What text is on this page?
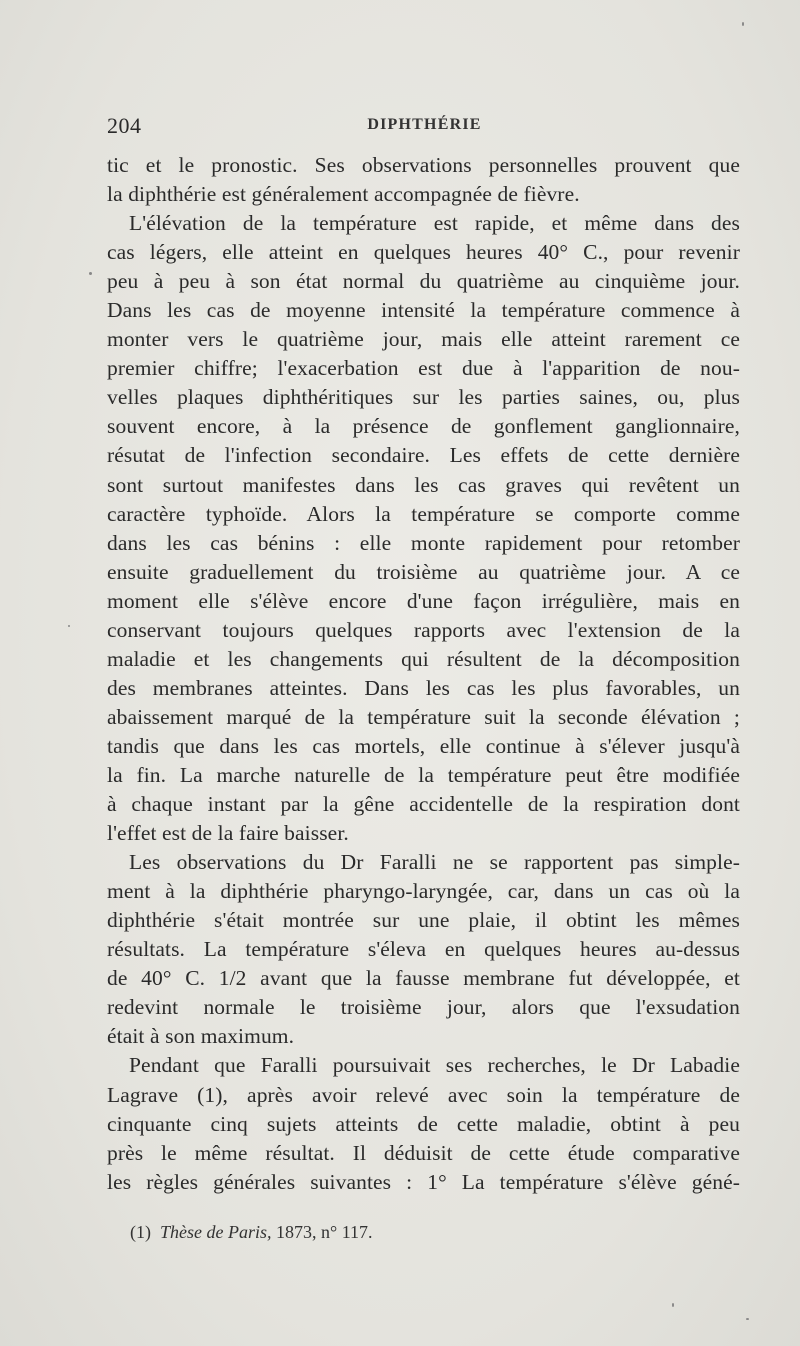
204	DIPHTHÉRIE
tic et le pronostic. Ses observations personnelles prouvent que
la diphthérie est généralement accompagnée de fièvre.
L'élévation de la température est rapide, et même dans des
cas légers, elle atteint en quelques heures 40° C., pour revenir
peu à peu à son état normal du quatrième au cinquième jour.
Dans les cas de moyenne intensité la température commence à
monter vers le quatrième jour, mais elle atteint rarement ce
premier chiffre; l'exacerbation est due à l'apparition de nou-
velles plaques diphthéritiques sur les parties saines, ou, plus
souvent encore, à la présence de gonflement ganglionnaire,
résutat de l'infection secondaire. Les effets de cette dernière
sont surtout manifestes dans les cas graves qui revêtent un
caractère typhoïde. Alors la température se comporte comme
dans les cas bénins : elle monte rapidement pour retomber
ensuite graduellement du troisième au quatrième jour. A ce
moment elle s'élève encore d'une façon irrégulière, mais en
conservant toujours quelques rapports avec l'extension de la
maladie et les changements qui résultent de la décomposition
des membranes atteintes. Dans les cas les plus favorables, un
abaissement marqué de la température suit la seconde élévation ;
tandis que dans les cas mortels, elle continue à s'élever jusqu'à
la fin. La marche naturelle de la température peut être modifiée
à chaque instant par la gêne accidentelle de la respiration dont
l'effet est de la faire baisser.
Les observations du Dr Faralli ne se rapportent pas simple-
ment à la diphthérie pharyngo-laryngée, car, dans un cas où la
diphthérie s'était montrée sur une plaie, il obtint les mêmes
résultats. La température s'éleva en quelques heures au-dessus
de 40° C. 1/2 avant que la fausse membrane fut développée, et
redevint normale le troisième jour, alors que l'exsudation
était à son maximum.
Pendant que Faralli poursuivait ses recherches, le Dr Labadie
Lagrave (1), après avoir relevé avec soin la température de
cinquante cinq sujets atteints de cette maladie, obtint à peu
près le même résultat. Il déduisit de cette étude comparative
les règles générales suivantes : 1° La température s'élève géné-
(1) Thèse de Paris, 1873, n° 117.
